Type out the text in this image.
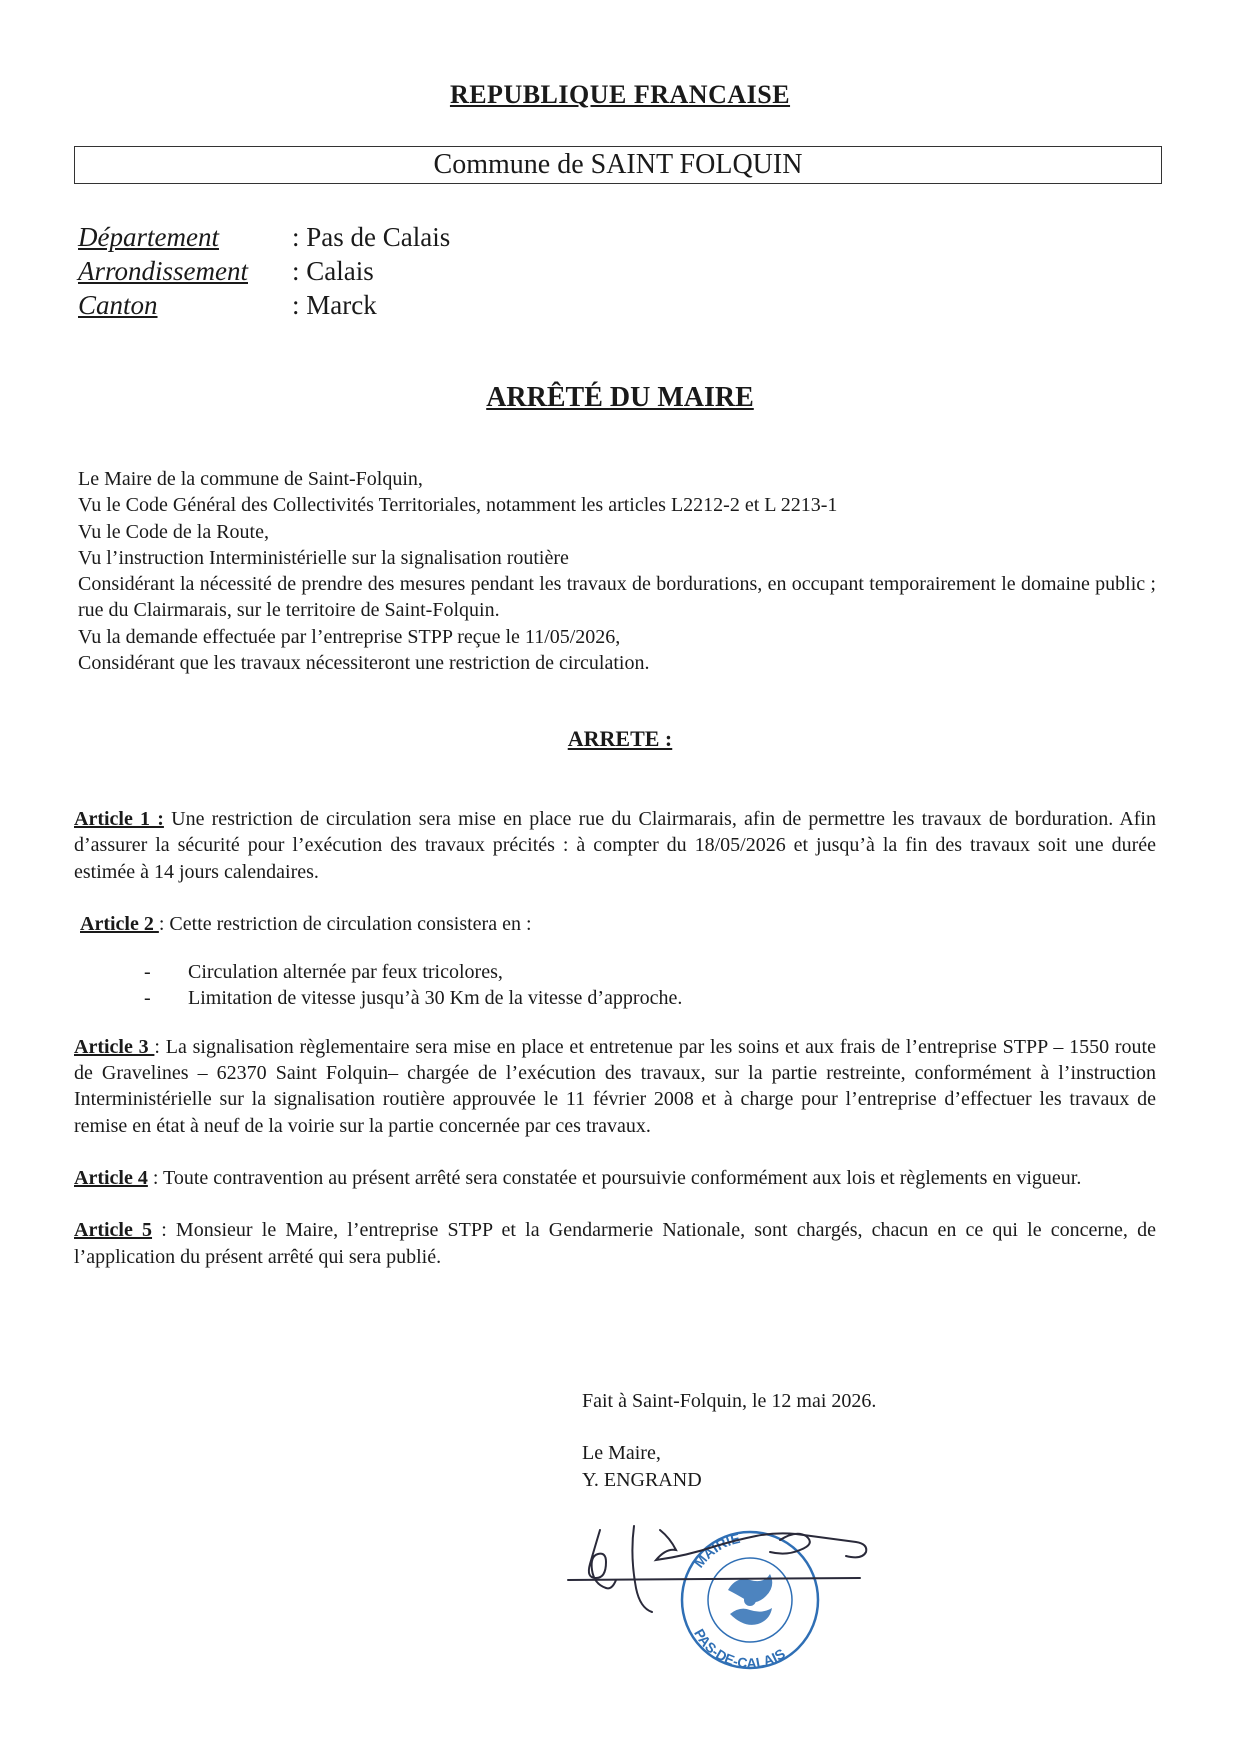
REPUBLIQUE FRANCAISE
Commune de SAINT FOLQUIN
Département	: Pas de Calais
Arrondissement : Calais
Canton	: Marck
ARRÊTÉ DU MAIRE

Le Maire de la commune de Saint-Folquin,

Vu le Code Général des Collectivités Territoriales, notamment les articles L2212-2 et L 2213-1

Vu le Code de la Route,

Vu l’instruction Interministérielle sur la signalisation routière

Considérant la nécessité de prendre des mesures pendant les travaux de bordurations, en occupant temporairement le domaine public ; rue du Clairmarais, sur le territoire de Saint-Folquin.

Vu la demande effectuée par l’entreprise STPP reçue le 11/05/2026,

Considérant que les travaux nécessiteront une restriction de circulation.

ARRETE :

Article 1 : Une restriction de circulation sera mise en place rue du Clairmarais, afin de permettre les travaux de borduration. Afin d’assurer la sécurité pour l’exécution des travaux précités : à compter du 18/05/2026 et jusqu’à la fin des travaux soit une durée estimée à 14 jours calendaires.

Article 2 : Cette restriction de circulation consistera en :

- Circulation alternée par feux tricolores,
- Limitation de vitesse jusqu’à 30 Km de la vitesse d’approche.

Article 3 : La signalisation règlementaire sera mise en place et entretenue par les soins et aux frais de l’entreprise STPP – 1550 route de Gravelines – 62370 Saint Folquin– chargée de l’exécution des travaux, sur la partie restreinte, conformément à l’instruction Interministérielle sur la signalisation routière approuvée le 11 février 2008 et à charge pour l’entreprise d’effectuer les travaux de remise en état à neuf de la voirie sur la partie concernée par ces travaux.

Article 4 : Toute contravention au présent arrêté sera constatée et poursuivie conformément aux lois et règlements en vigueur.

Article 5 : Monsieur le Maire, l’entreprise STPP et la Gendarmerie Nationale, sont chargés, chacun en ce qui le concerne, de l’application du présent arrêté qui sera publié.

Fait à Saint-Folquin, le 12 mai 2026.
Le Maire,
Y. ENGRAND
MAIRIE
PAS-DE-CALAIS
